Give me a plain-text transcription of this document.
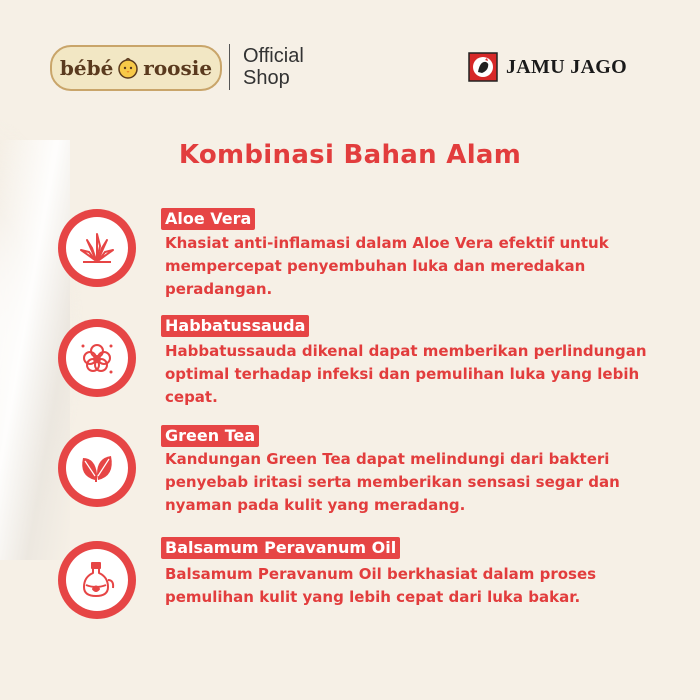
bébé roosie Official
Shop
JAMU JAGO
Kombinasi Bahan Alam
Aloe Vera
Khasiat anti-inflamasi dalam Aloe Vera efektif untuk mempercepat penyembuhan luka dan meredakan peradangan.
Habbatussauda
Habbatussauda dikenal dapat memberikan perlindungan optimal terhadap infeksi dan pemulihan luka yang lebih cepat.
Green Tea
Kandungan Green Tea dapat melindungi dari bakteri penyebab iritasi serta memberikan sensasi segar dan nyaman pada kulit yang meradang.
Balsamum Peravanum Oil
Balsamum Peravanum Oil berkhasiat dalam proses pemulihan kulit yang lebih cepat dari luka bakar.
